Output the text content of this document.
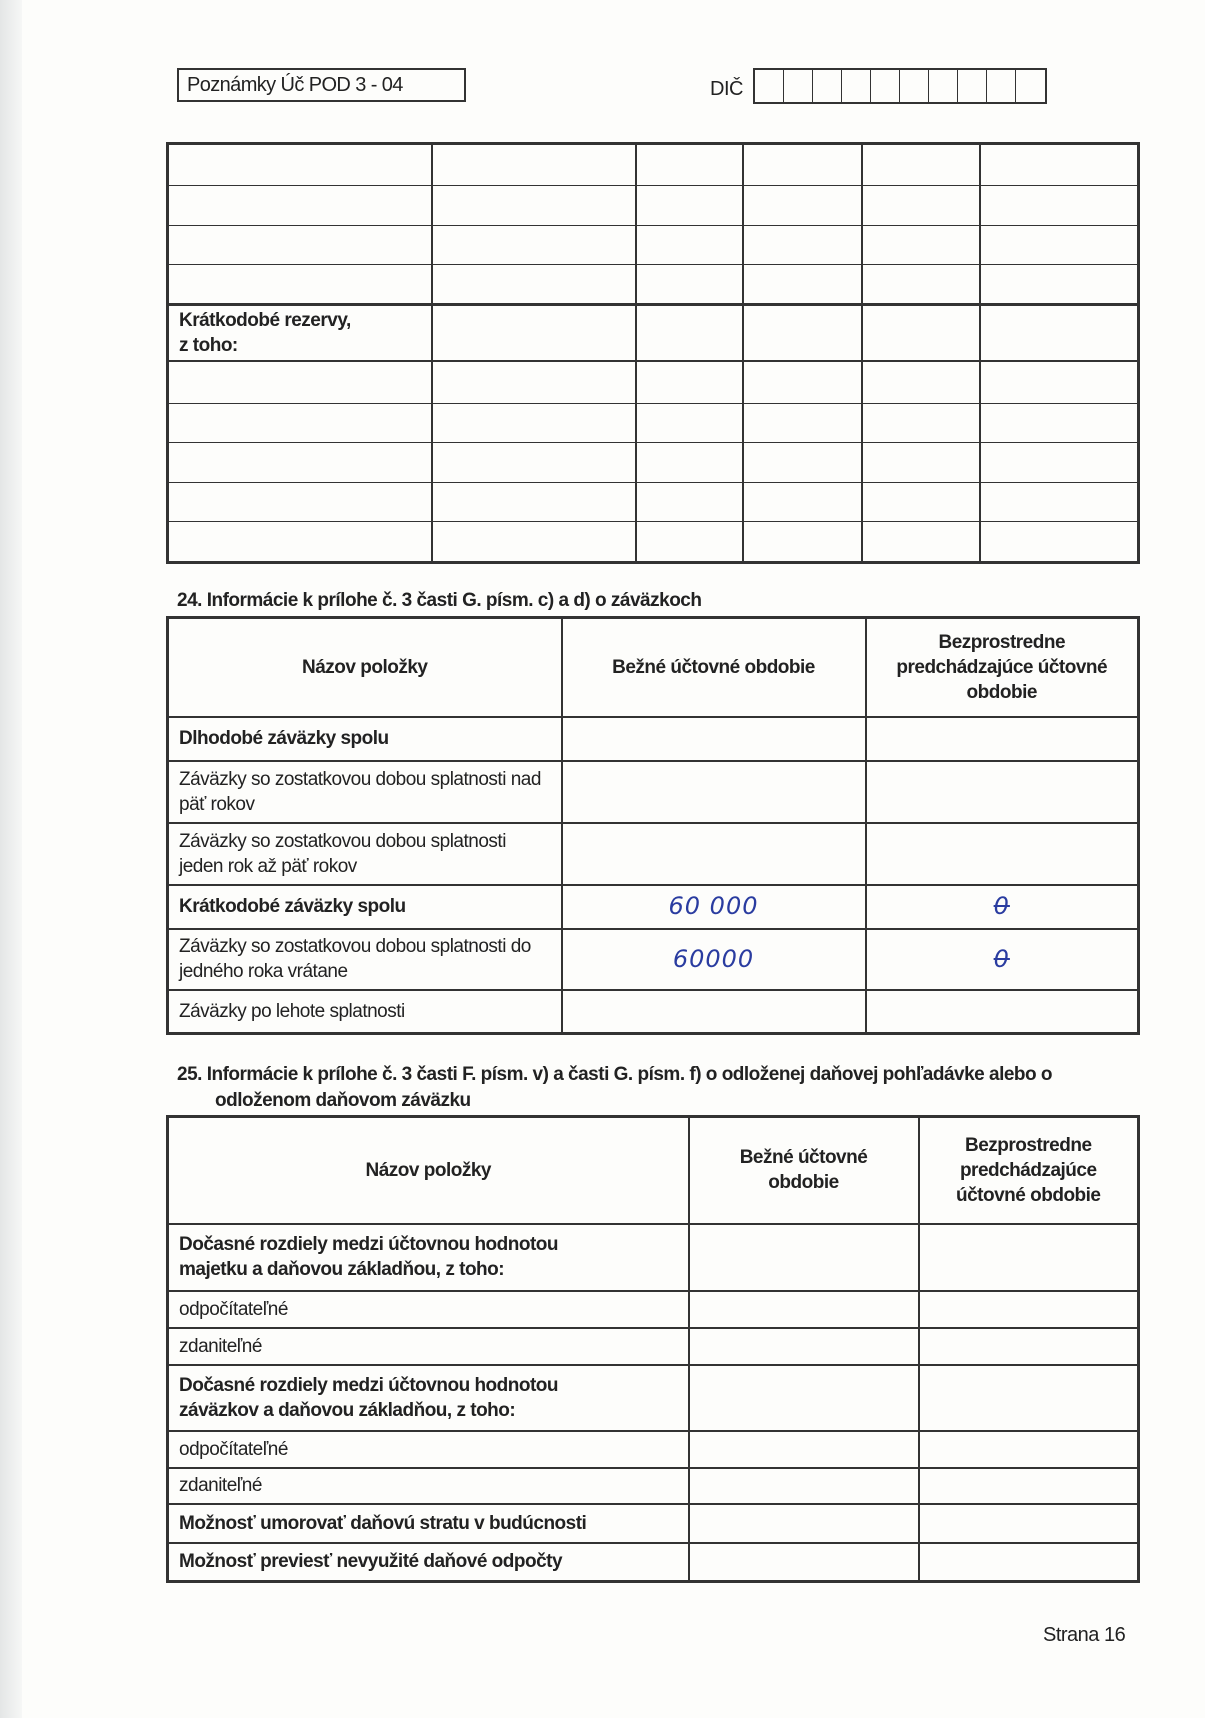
Poznámky Úč POD 3 - 04	DIČ

Krátkodobé rezervy,
z toho:					

24. Informácie k prílohe č. 3 časti G. písm. c) a d) o záväzkoch
Názov položky	Bežné účtovné obdobie	Bezprostredne predchádzajúce účtovné obdobie
Dlhodobé záväzky spolu		
Záväzky so zostatkovou dobou splatnosti nad päť rokov		
Záväzky so zostatkovou dobou splatnosti jeden rok až päť rokov		
Krátkodobé záväzky spolu	60 000	0
Záväzky so zostatkovou dobou splatnosti do jedného roka vrátane	60000	0
Záväzky po lehote splatnosti		
25. Informácie k prílohe č. 3 časti F. písm. v) a časti G. písm. f) o odloženej daňovej pohľadávke alebo o
odloženom daňovom záväzku
Názov položky	Bežné účtovné obdobie	Bezprostredne predchádzajúce účtovné obdobie
Dočasné rozdiely medzi účtovnou hodnotou majetku a daňovou základňou, z toho:		
odpočítateľné		
zdaniteľné		
Dočasné rozdiely medzi účtovnou hodnotou záväzkov a daňovou základňou, z toho:		
odpočítateľné		
zdaniteľné		
Možnosť umorovať daňovú stratu v budúcnosti		
Možnosť previesť nevyužité daňové odpočty		
Strana 16
